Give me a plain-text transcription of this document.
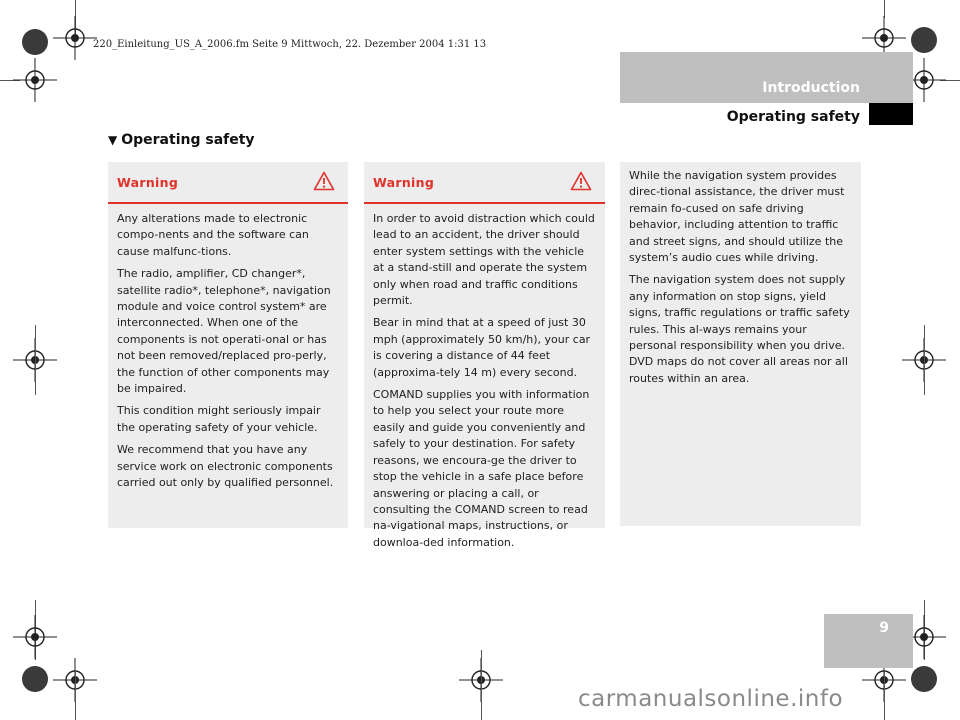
220_Einleitung_US_A_2006.fm Seite 9 Mittwoch, 22. Dezember 2004 1:31 13
Introduction
Operating safety
▼ Operating safety
Warning

Any alterations made to electronic compo-nents and the software can cause malfunc-tions.

The radio, amplifier, CD changer*, satellite radio*, telephone*, navigation module and voice control system* are interconnected. When one of the components is not operati-onal or has not been removed/replaced pro-perly, the function of other components may be impaired.

This condition might seriously impair the operating safety of your vehicle.

We recommend that you have any service work on electronic components carried out only by qualified personnel.

Warning

In order to avoid distraction which could lead to an accident, the driver should enter system settings with the vehicle at a stand-still and operate the system only when road and traffic conditions permit.

Bear in mind that at a speed of just 30 mph (approximately 50 km/h), your car is covering a distance of 44 feet (approxima-tely 14 m) every second.

COMAND supplies you with information to help you select your route more easily and guide you conveniently and safely to your destination. For safety reasons, we encoura-ge the driver to stop the vehicle in a safe place before answering or placing a call, or consulting the COMAND screen to read na-vigational maps, instructions, or downloa-ded information.

While the navigation system provides direc-tional assistance, the driver must remain fo-cused on safe driving behavior, including attention to traffic and street signs, and should utilize the system’s audio cues while driving.

The navigation system does not supply any information on stop signs, yield signs, traffic regulations or traffic safety rules. This al-ways remains your personal responsibility when you drive. DVD maps do not cover all areas nor all routes within an area.

9
carmanualsonline.info
